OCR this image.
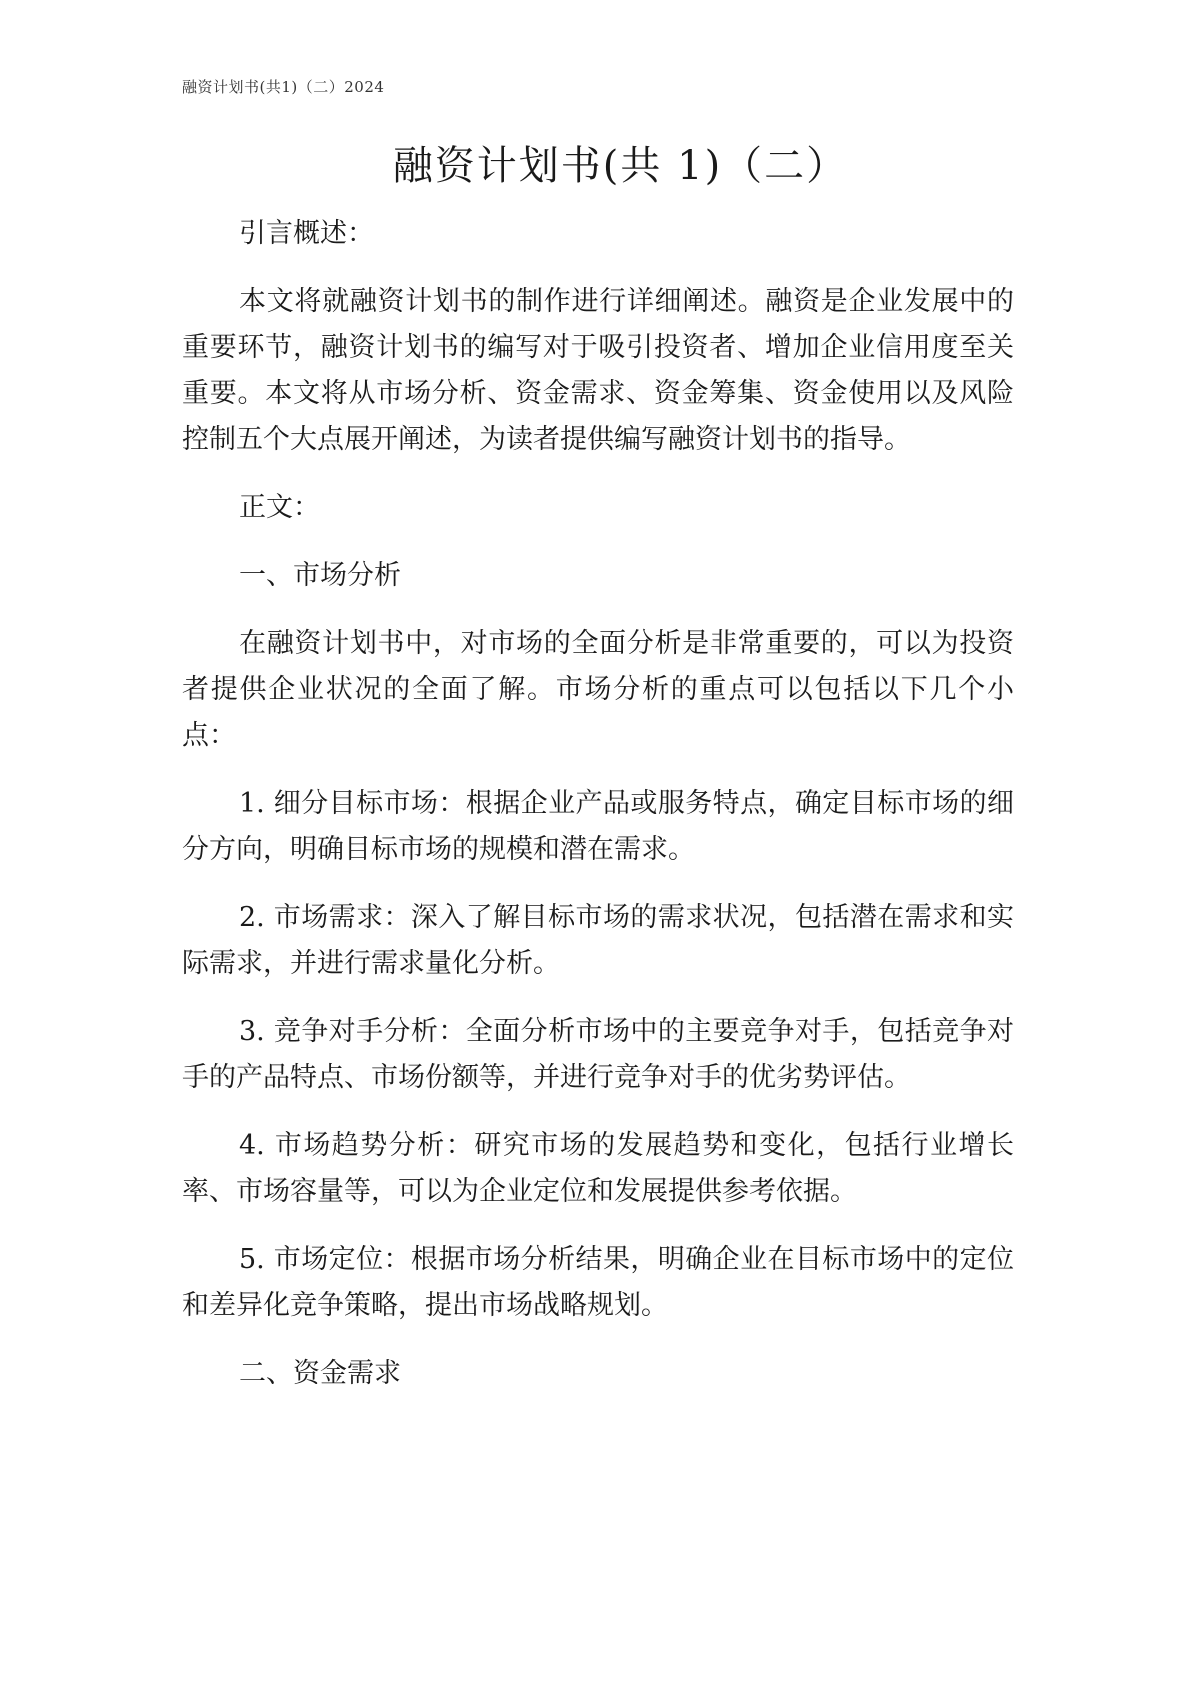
融资计划书(共1)（二）2024
融资计划书(共 1)（二）

引言概述：

本文将就融资计划书的制作进行详细阐述。融资是企业发展中的重要环节，融资计划书的编写对于吸引投资者、增加企业信用度至关重要。本文将从市场分析、资金需求、资金筹集、资金使用以及风险控制五个大点展开阐述，为读者提供编写融资计划书的指导。

正文：

一、市场分析

在融资计划书中，对市场的全面分析是非常重要的，可以为投资者提供企业状况的全面了解。市场分析的重点可以包括以下几个小点：

1. 细分目标市场：根据企业产品或服务特点，确定目标市场的细分方向，明确目标市场的规模和潜在需求。

2. 市场需求：深入了解目标市场的需求状况，包括潜在需求和实际需求，并进行需求量化分析。

3. 竞争对手分析：全面分析市场中的主要竞争对手，包括竞争对手的产品特点、市场份额等，并进行竞争对手的优劣势评估。

4. 市场趋势分析：研究市场的发展趋势和变化，包括行业增长率、市场容量等，可以为企业定位和发展提供参考依据。

5. 市场定位：根据市场分析结果，明确企业在目标市场中的定位和差异化竞争策略，提出市场战略规划。

二、资金需求
